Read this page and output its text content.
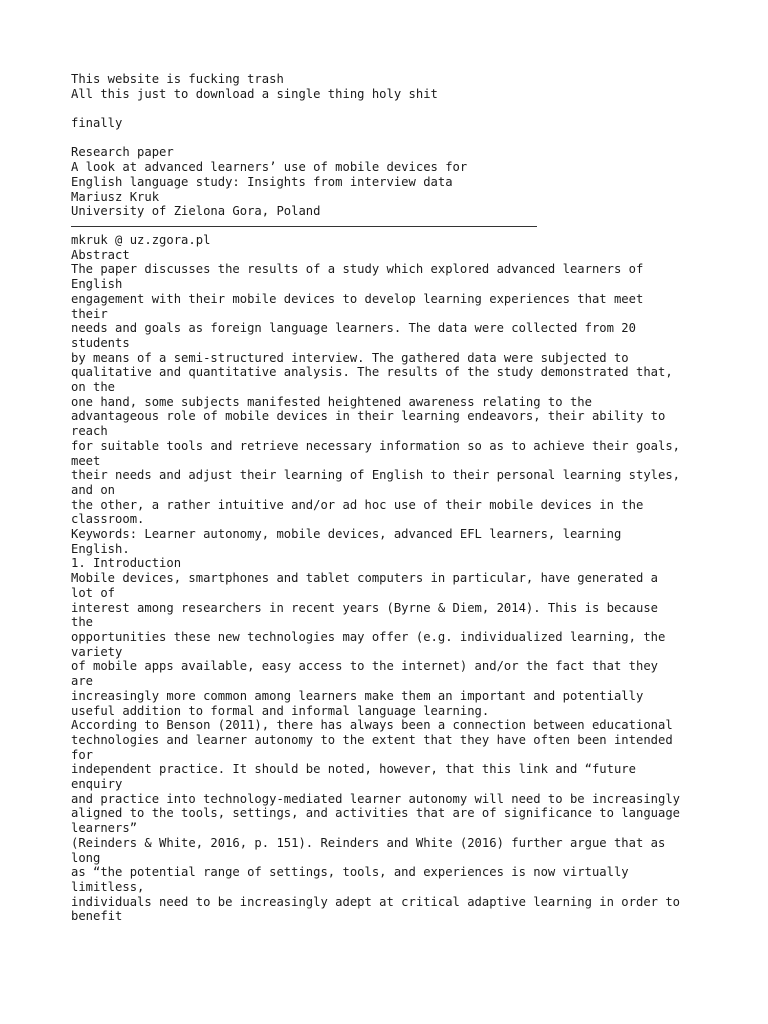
This website is fucking trash
All this just to download a single thing holy shit
finally
Research paper
A look at advanced learners’ use of mobile devices for
English language study: Insights from interview data
Mariusz Kruk
University of Zielona Gora, Poland
mkruk @ uz.zgora.pl
Abstract
The paper discusses the results of a study which explored advanced learners of
English
engagement with their mobile devices to develop learning experiences that meet
their
needs and goals as foreign language learners. The data were collected from 20
students
by means of a semi-structured interview. The gathered data were subjected to
qualitative and quantitative analysis. The results of the study demonstrated that,
on the
one hand, some subjects manifested heightened awareness relating to the
advantageous role of mobile devices in their learning endeavors, their ability to
reach
for suitable tools and retrieve necessary information so as to achieve their goals,
meet
their needs and adjust their learning of English to their personal learning styles,
and on
the other, a rather intuitive and/or ad hoc use of their mobile devices in the
classroom.
Keywords: Learner autonomy, mobile devices, advanced EFL learners, learning
English.
1. Introduction
Mobile devices, smartphones and tablet computers in particular, have generated a
lot of
interest among researchers in recent years (Byrne & Diem, 2014). This is because
the
opportunities these new technologies may offer (e.g. individualized learning, the
variety
of mobile apps available, easy access to the internet) and/or the fact that they
are
increasingly more common among learners make them an important and potentially
useful addition to formal and informal language learning.
According to Benson (2011), there has always been a connection between educational
technologies and learner autonomy to the extent that they have often been intended
for
independent practice. It should be noted, however, that this link and “future
enquiry
and practice into technology-mediated learner autonomy will need to be increasingly
aligned to the tools, settings, and activities that are of significance to language
learners”
(Reinders & White, 2016, p. 151). Reinders and White (2016) further argue that as
long
as “the potential range of settings, tools, and experiences is now virtually
limitless,
individuals need to be increasingly adept at critical adaptive learning in order to
benefit
